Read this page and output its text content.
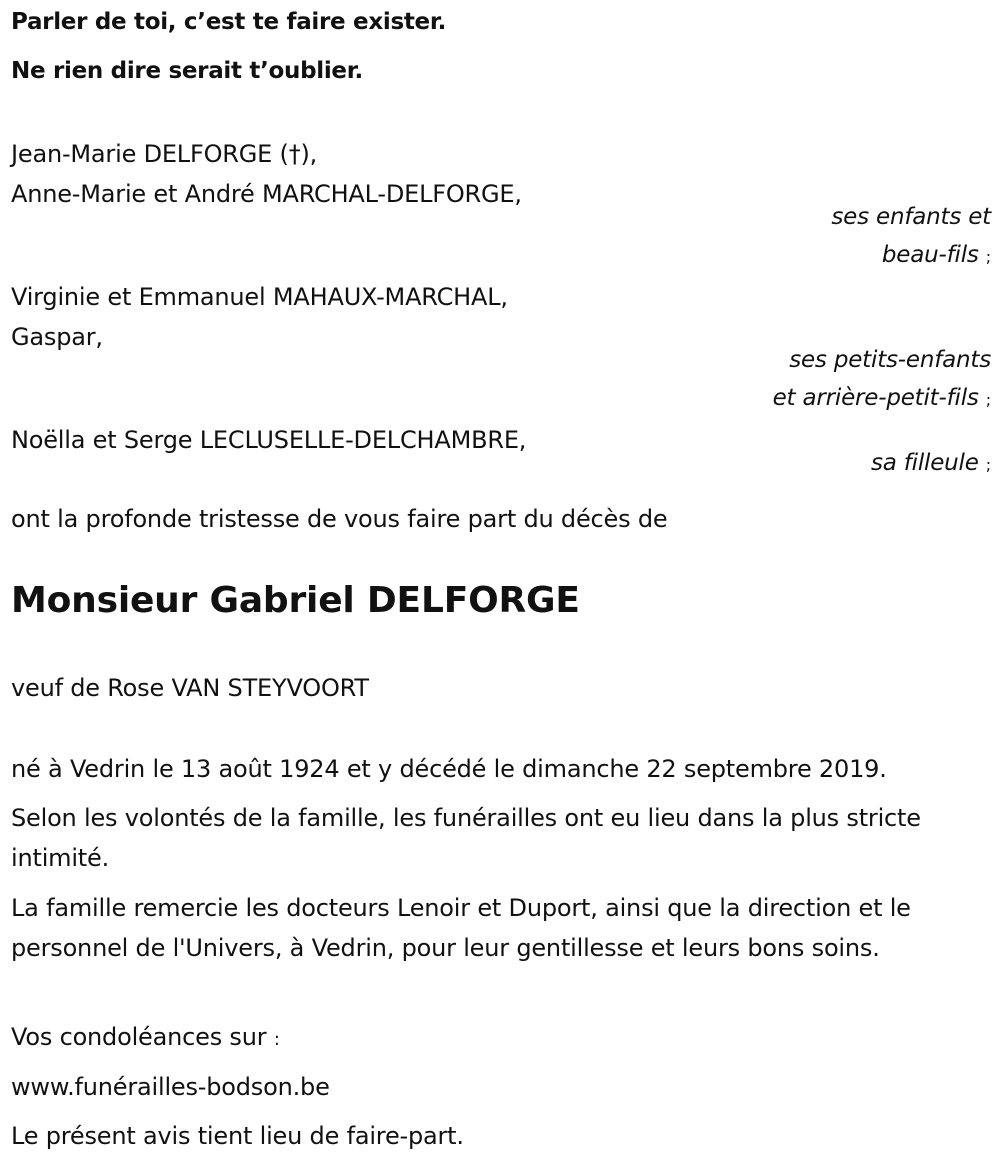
Parler de toi, c’est te faire exister.
Ne rien dire serait t’oublier.
Jean-Marie DELFORGE (†),
Anne-Marie et André MARCHAL-DELFORGE,
ses enfants et
beau-fils ;
Virginie et Emmanuel MAHAUX-MARCHAL,
Gaspar,
ses petits-enfants
et arrière-petit-fils ;
Noëlla et Serge LECLUSELLE-DELCHAMBRE,
sa filleule ;
ont la profonde tristesse de vous faire part du décès de
Monsieur Gabriel DELFORGE
veuf de Rose VAN STEYVOORT
né à Vedrin le 13 août 1924 et y décédé le dimanche 22 septembre 2019.
Selon les volontés de la famille, les funérailles ont eu lieu dans la plus stricte intimité.
La famille remercie les docteurs Lenoir et Duport, ainsi que la direction et le personnel de l'Univers, à Vedrin, pour leur gentillesse et leurs bons soins.
Vos condoléances sur :
www.funérailles-bodson.be
Le présent avis tient lieu de faire-part.
